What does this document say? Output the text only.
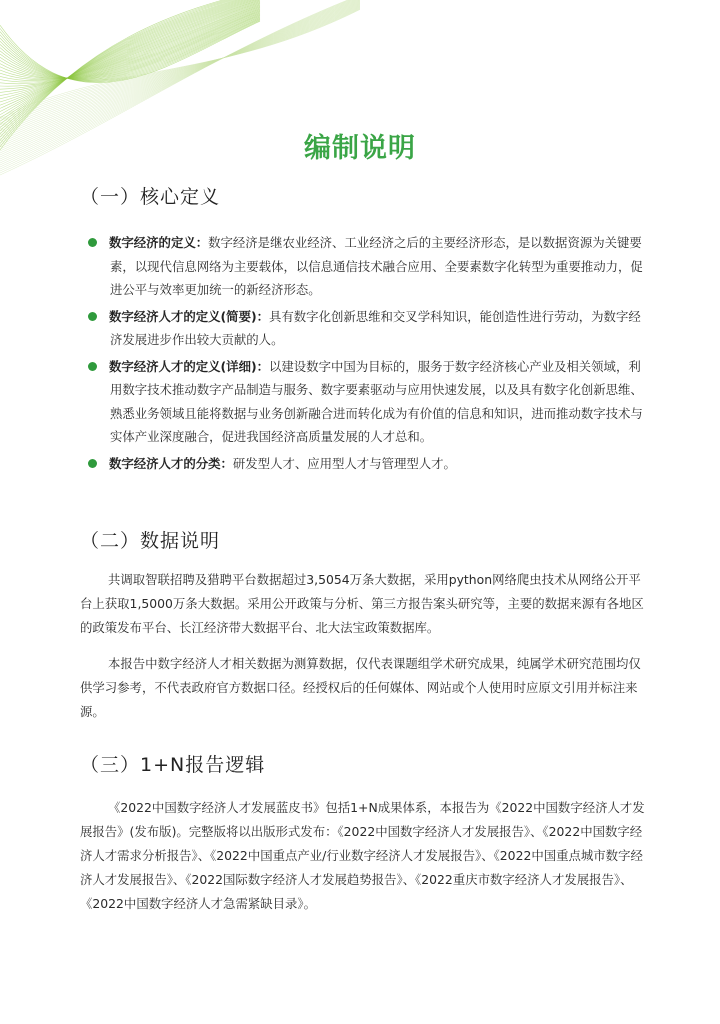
编制说明
（一）核心定义
数字经济的定义：数字经济是继农业经济、工业经济之后的主要经济形态，是以数据资源为关键要素，以现代信息网络为主要载体，以信息通信技术融合应用、全要素数字化转型为重要推动力，促进公平与效率更加统一的新经济形态。
数字经济人才的定义(简要)：具有数字化创新思维和交叉学科知识，能创造性进行劳动，为数字经济发展进步作出较大贡献的人。
数字经济人才的定义(详细)：以建设数字中国为目标的，服务于数字经济核心产业及相关领域，利用数字技术推动数字产品制造与服务、数字要素驱动与应用快速发展，以及具有数字化创新思维、熟悉业务领域且能将数据与业务创新融合进而转化成为有价值的信息和知识，进而推动数字技术与实体产业深度融合，促进我国经济高质量发展的人才总和。
数字经济人才的分类：研发型人才、应用型人才与管理型人才。
（二）数据说明

共调取智联招聘及猎聘平台数据超过3,5054万条大数据，采用python网络爬虫技术从网络公开平台上获取1,5000万条大数据。采用公开政策与分析、第三方报告案头研究等，主要的数据来源有各地区的政策发布平台、长江经济带大数据平台、北大法宝政策数据库。

本报告中数字经济人才相关数据为测算数据，仅代表课题组学术研究成果，纯属学术研究范围均仅供学习参考，不代表政府官方数据口径。经授权后的任何媒体、网站或个人使用时应原文引用并标注来源。

（三）1+N报告逻辑

《2022中国数字经济人才发展蓝皮书》包括1+N成果体系，本报告为《2022中国数字经济人才发展报告》(发布版)。完整版将以出版形式发布：《2022中国数字经济人才发展报告》、《2022中国数字经济人才需求分析报告》、《2022中国重点产业/行业数字经济人才发展报告》、《2022中国重点城市数字经济人才发展报告》、《2022国际数字经济人才发展趋势报告》、《2022重庆市数字经济人才发展报告》、《2022中国数字经济人才急需紧缺目录》。
